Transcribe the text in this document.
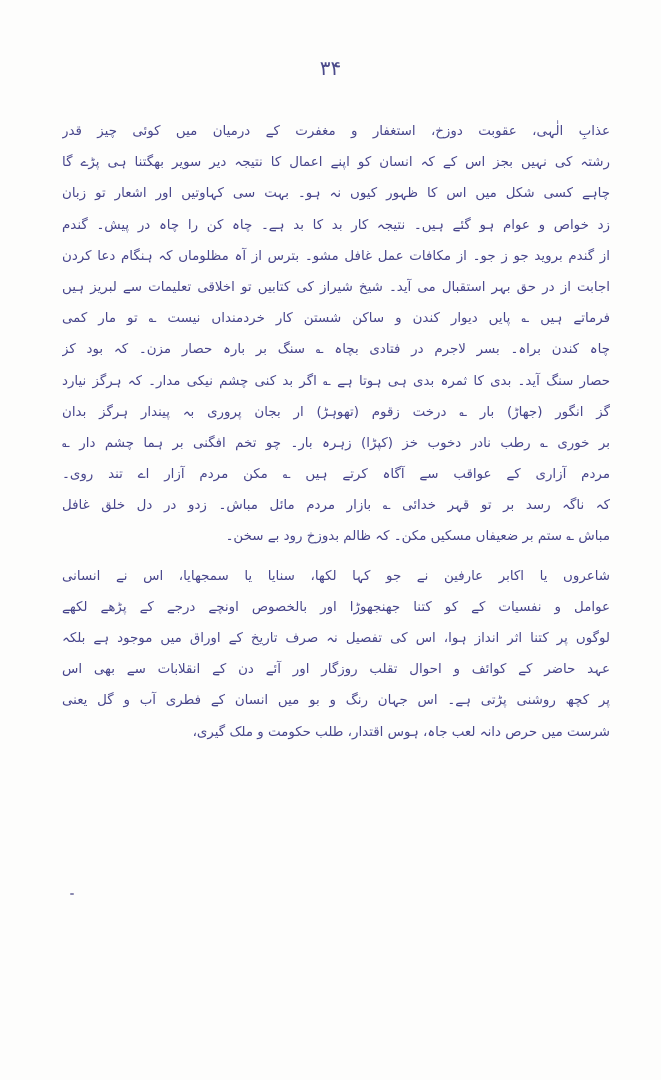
۳۴
عذابِ الٰہی، عقوبت دوزخ، استغفار و مغفرت کے درمیان میں کوئی چیز قدر
رشتہ کی نہیں بجز اس کے کہ انسان کو اپنے اعمال کا نتیجہ دیر سویر بھگتنا ہی پڑے گا
چاہے کسی شکل میں اس کا ظہور کیوں نہ ہو۔ بہت سی کہاوتیں اور اشعار تو زبان
زد خواص و عوام ہو گئے ہیں۔ نتیجہ کار بد کا بد ہے۔ چاہ کن را چاہ در پیش۔ گندم
از گندم بروید جو ز جو۔ از مکافات عمل غافل مشو۔ بترس از آہ مظلوماں کہ ہنگام دعا کردن
اجابت از در حق بہر استقبال می آید۔ شیخ شیراز کی کتابیں تو اخلاقی تعلیمات سے لبریز ہیں
فرماتے ہیں ؎ پایں دیوار کندن و ساکن شستن کار خردمنداں نیست ؎ تو مار کمی
چاہ کندن براہ۔ بسر لاجرم در فتادی بچاہ ؎ سنگ بر بارہ حصار مزن۔ کہ بود کز
حصار سنگ آید۔ بدی کا ثمرہ بدی ہی ہوتا ہے ؎ اگر بد کنی چشم نیکی مدار۔ کہ ہرگز نیارد
گز انگور (جھاڑ) بار ؎ درخت زقوم (تھوہڑ) ار بجان پروری بہ پیندار ہرگز بدان
بر خوری ؎ رطب نادر دخوب خز (کپڑا) زہرہ بار۔ چو تخم افگنی بر ہما چشم دار ؎
مردم آزاری کے عواقب سے آگاہ کرتے ہیں ؎ مکن مردم آزار اے تند روی۔
کہ ناگہ رسد بر تو قہر خدائی ؎ بازار مردم مائل مباش۔ زدو در دل خلق غافل
مباش ؎ ستم بر ضعیفاں مسکیں مکن۔ کہ ظالم بدوزخ رود بے سخن۔
شاعروں یا اکابر عارفین نے جو کہا لکھا، سنایا یا سمجھایا، اس نے انسانی
عوامل و نفسیات کے کو کتنا جھنجھوڑا اور بالخصوص اونچے درجے کے پڑھے لکھے
لوگوں پر کتنا اثر انداز ہوا، اس کی تفصیل نہ صرف تاریخ کے اوراق میں موجود ہے بلکہ
عہد حاضر کے کوائف و احوال تقلب روزگار اور آئے دن کے انقلابات سے بھی اس
پر کچھ روشنی پڑتی ہے۔ اس جہان رنگ و بو میں انسان کے فطری آب و گل یعنی
شرست میں حرص دانہ لعب جاہ، ہوس اقتدار، طلب حکومت و ملک گیری،
